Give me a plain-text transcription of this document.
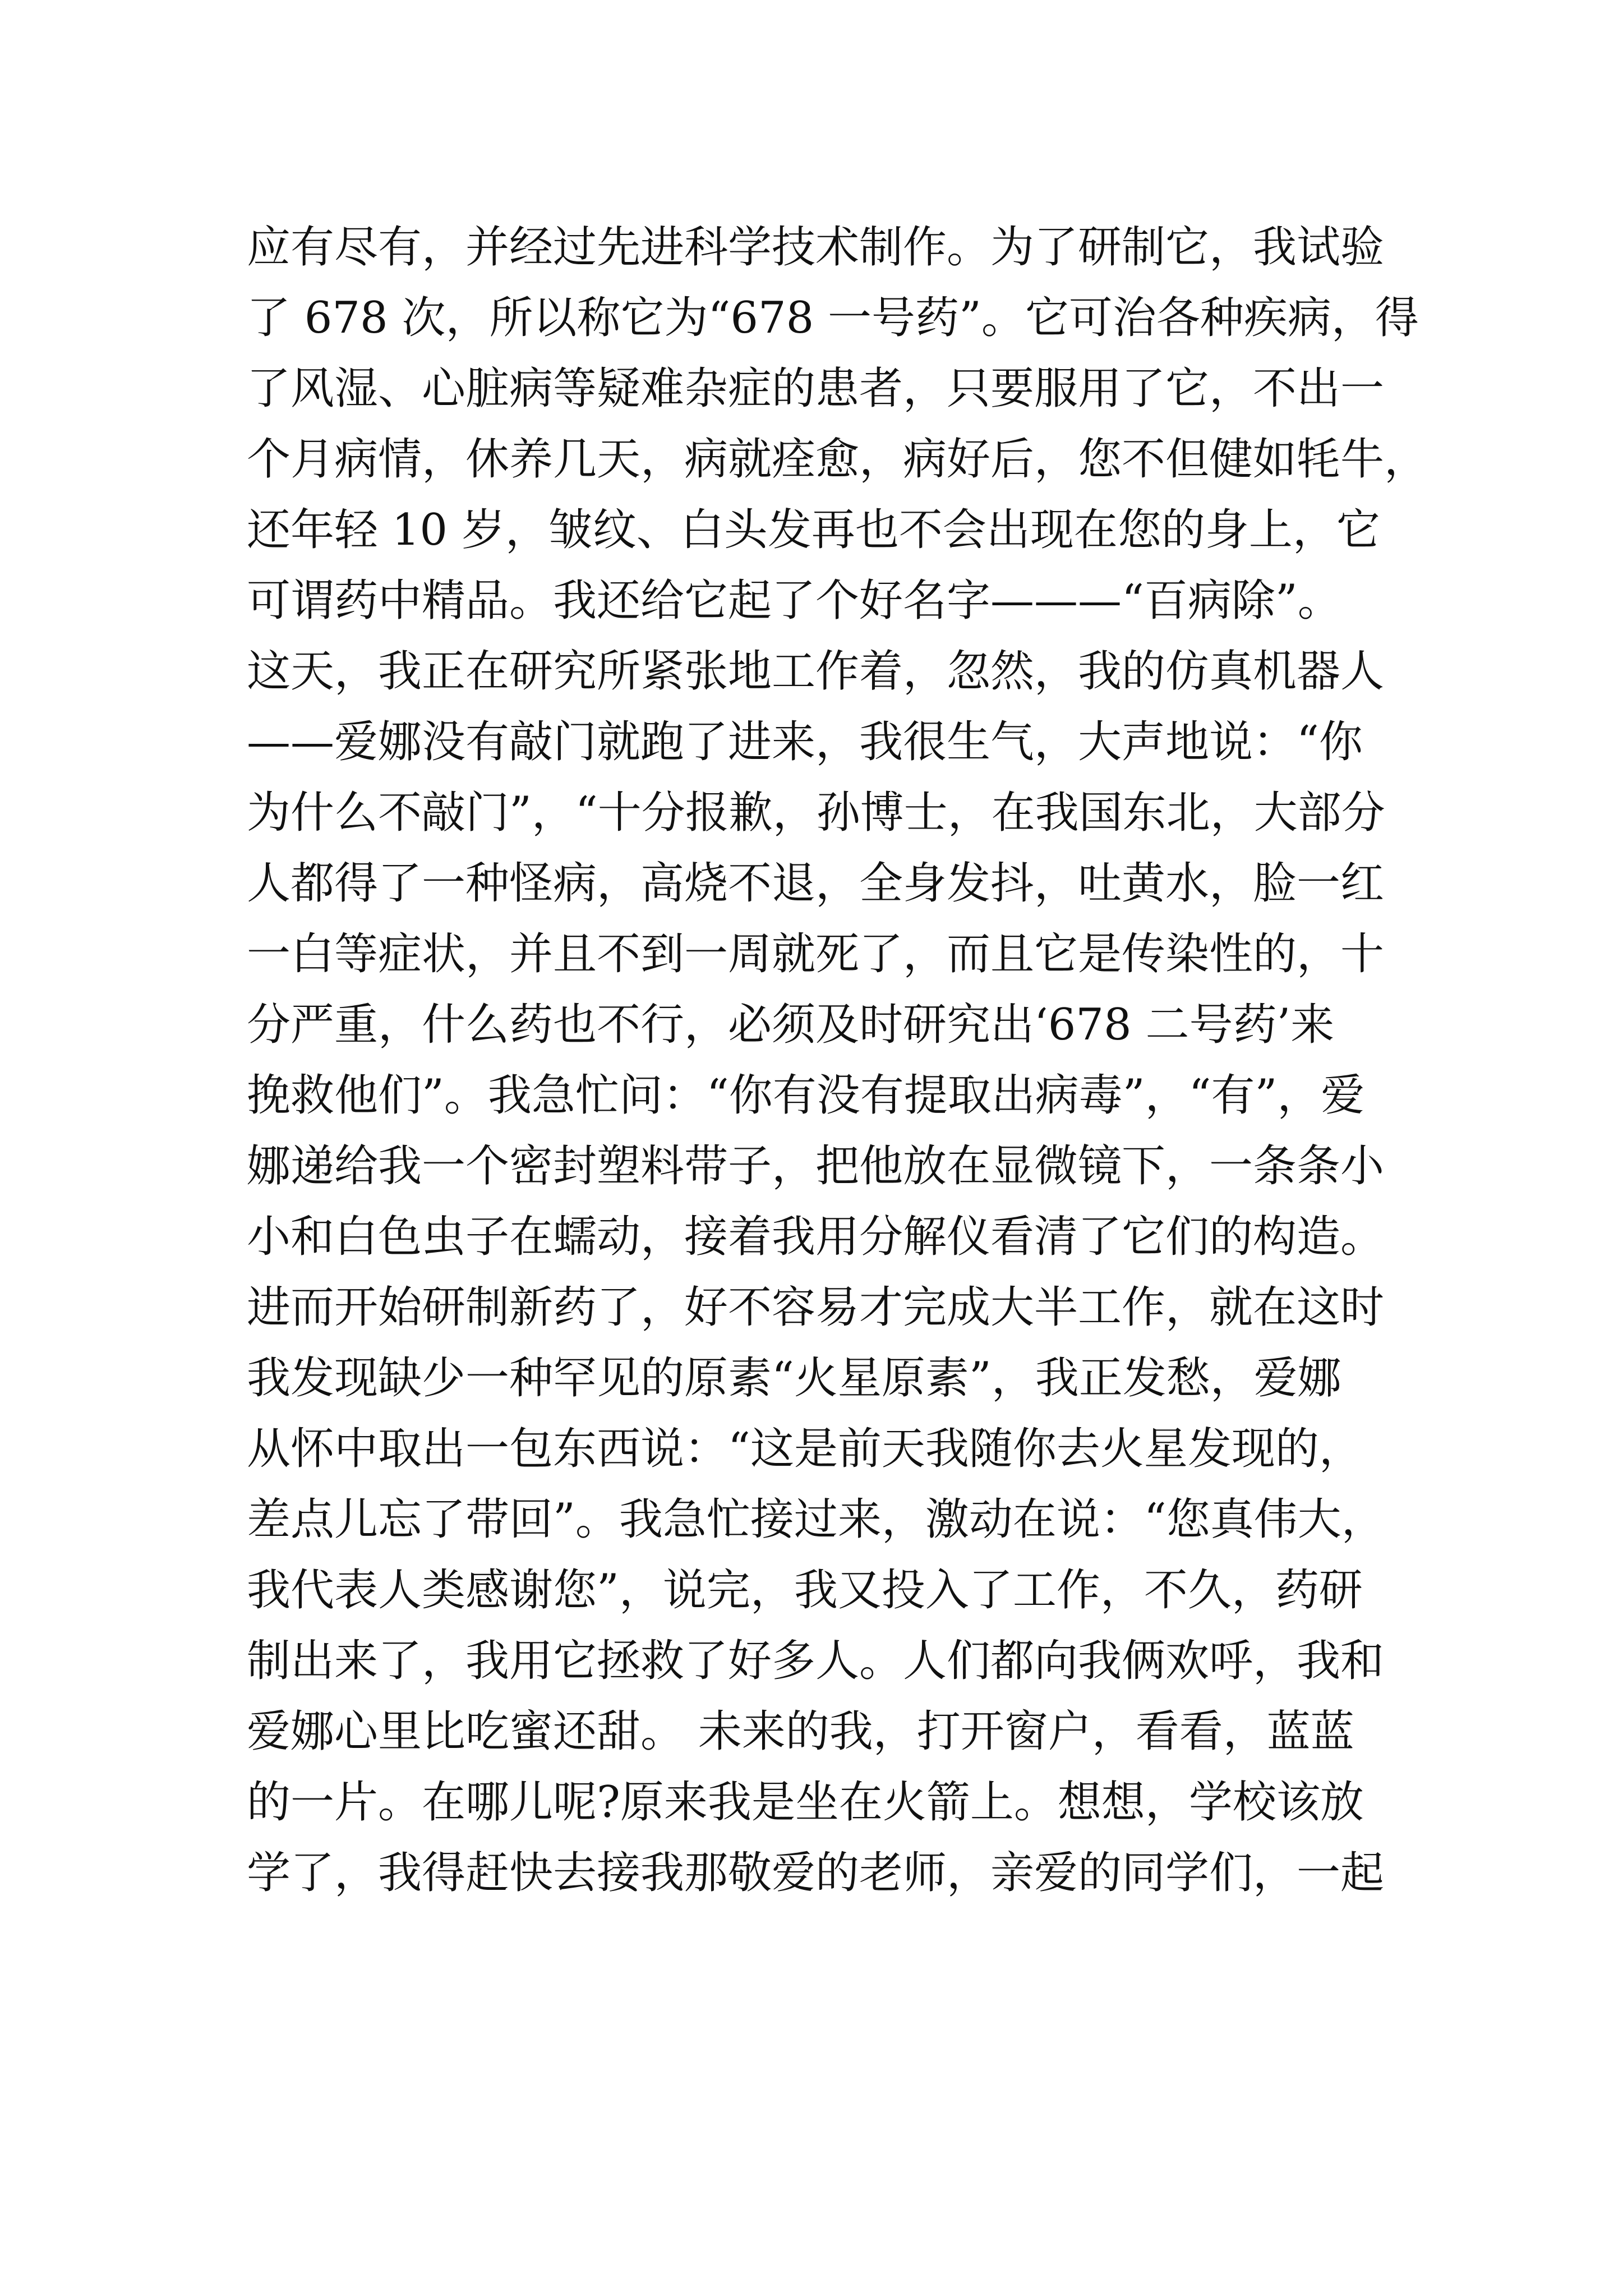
应有尽有，并经过先进科学技术制作。为了研制它，我试验
了 678 次，所以称它为“678 一号药”。它可治各种疾病，得
了风湿、心脏病等疑难杂症的患者，只要服用了它，不出一
个月病情，休养几天，病就痊愈，病好后，您不但健如牦牛，
还年轻 10 岁，皱纹、白头发再也不会出现在您的身上，它
可谓药中精品。我还给它起了个好名字———“百病除”。
这天，我正在研究所紧张地工作着，忽然，我的仿真机器人
——爱娜没有敲门就跑了进来，我很生气，大声地说：“你
为什么不敲门”，“十分报歉，孙博士，在我国东北，大部分
人都得了一种怪病，高烧不退，全身发抖，吐黄水，脸一红
一白等症状，并且不到一周就死了，而且它是传染性的，十
分严重，什么药也不行，必须及时研究出‘678 二号药’来
挽救他们”。我急忙问：“你有没有提取出病毒”，“有”，爱
娜递给我一个密封塑料带子，把他放在显微镜下，一条条小
小和白色虫子在蠕动，接着我用分解仪看清了它们的构造。
进而开始研制新药了，好不容易才完成大半工作，就在这时
我发现缺少一种罕见的原素“火星原素”，我正发愁，爱娜
从怀中取出一包东西说：“这是前天我随你去火星发现的，
差点儿忘了带回”。我急忙接过来，激动在说：“您真伟大，
我代表人类感谢您”，说完，我又投入了工作，不久，药研
制出来了，我用它拯救了好多人。人们都向我俩欢呼，我和
爱娜心里比吃蜜还甜。 未来的我，打开窗户，看看，蓝蓝
的一片。在哪儿呢?原来我是坐在火箭上。想想，学校该放
学了，我得赶快去接我那敬爱的老师，亲爱的同学们，一起
